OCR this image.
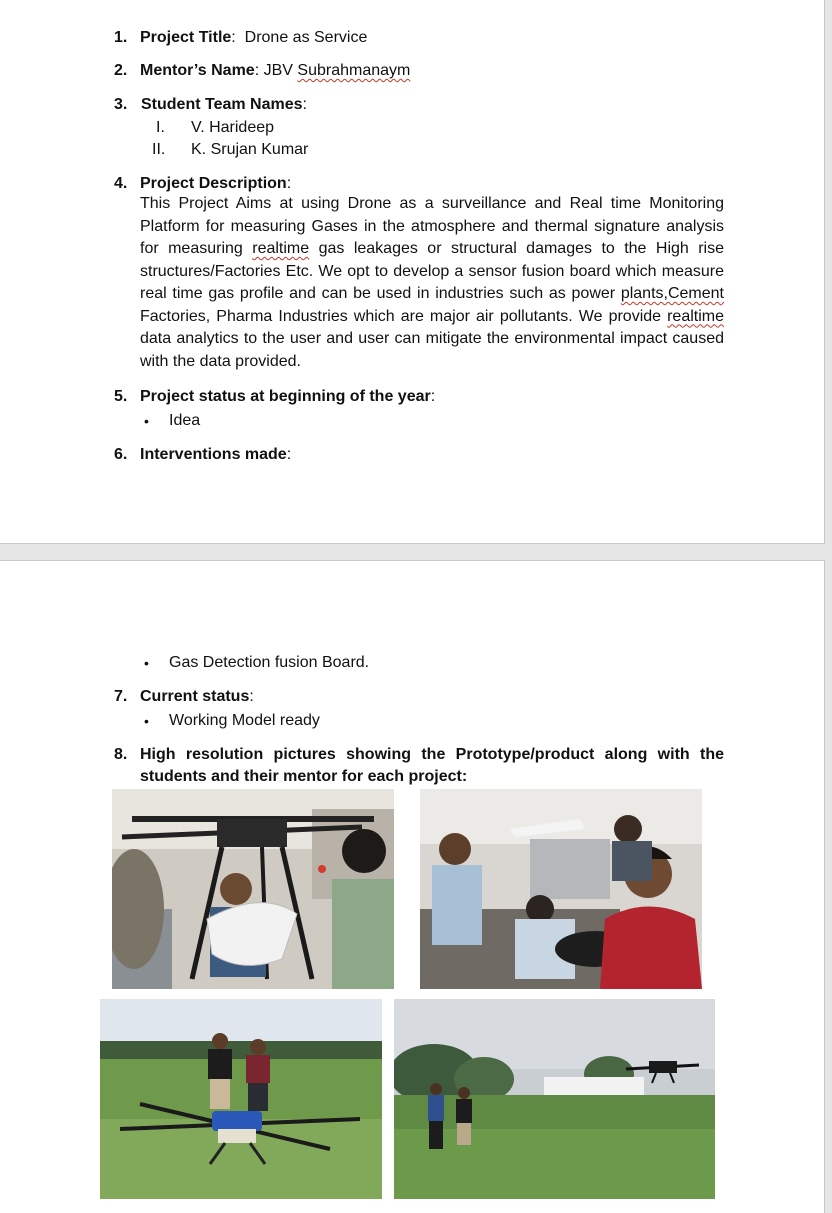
1. Project Title: Drone as Service
2. Mentor’s Name: JBV Subrahmanaym
3. Student Team Names:
I. V. Harideep
II. K. Srujan Kumar
4. Project Description:
This Project Aims at using Drone as a surveillance and Real time Monitoring Platform for measuring Gases in the atmosphere and thermal signature analysis for measuring realtime gas leakages or structural damages to the High rise structures/Factories Etc. We opt to develop a sensor fusion board which measure real time gas profile and can be used in industries such as power plants,Cement Factories, Pharma Industries which are major air pollutants. We provide realtime data analytics to the user and user can mitigate the environmental impact caused with the data provided.
5. Project status at beginning of the year:
• Idea
6. Interventions made:
• Gas Detection fusion Board.
7. Current status:
• Working Model ready
8. High resolution pictures showing the Prototype/product along with the
students and their mentor for each project:
